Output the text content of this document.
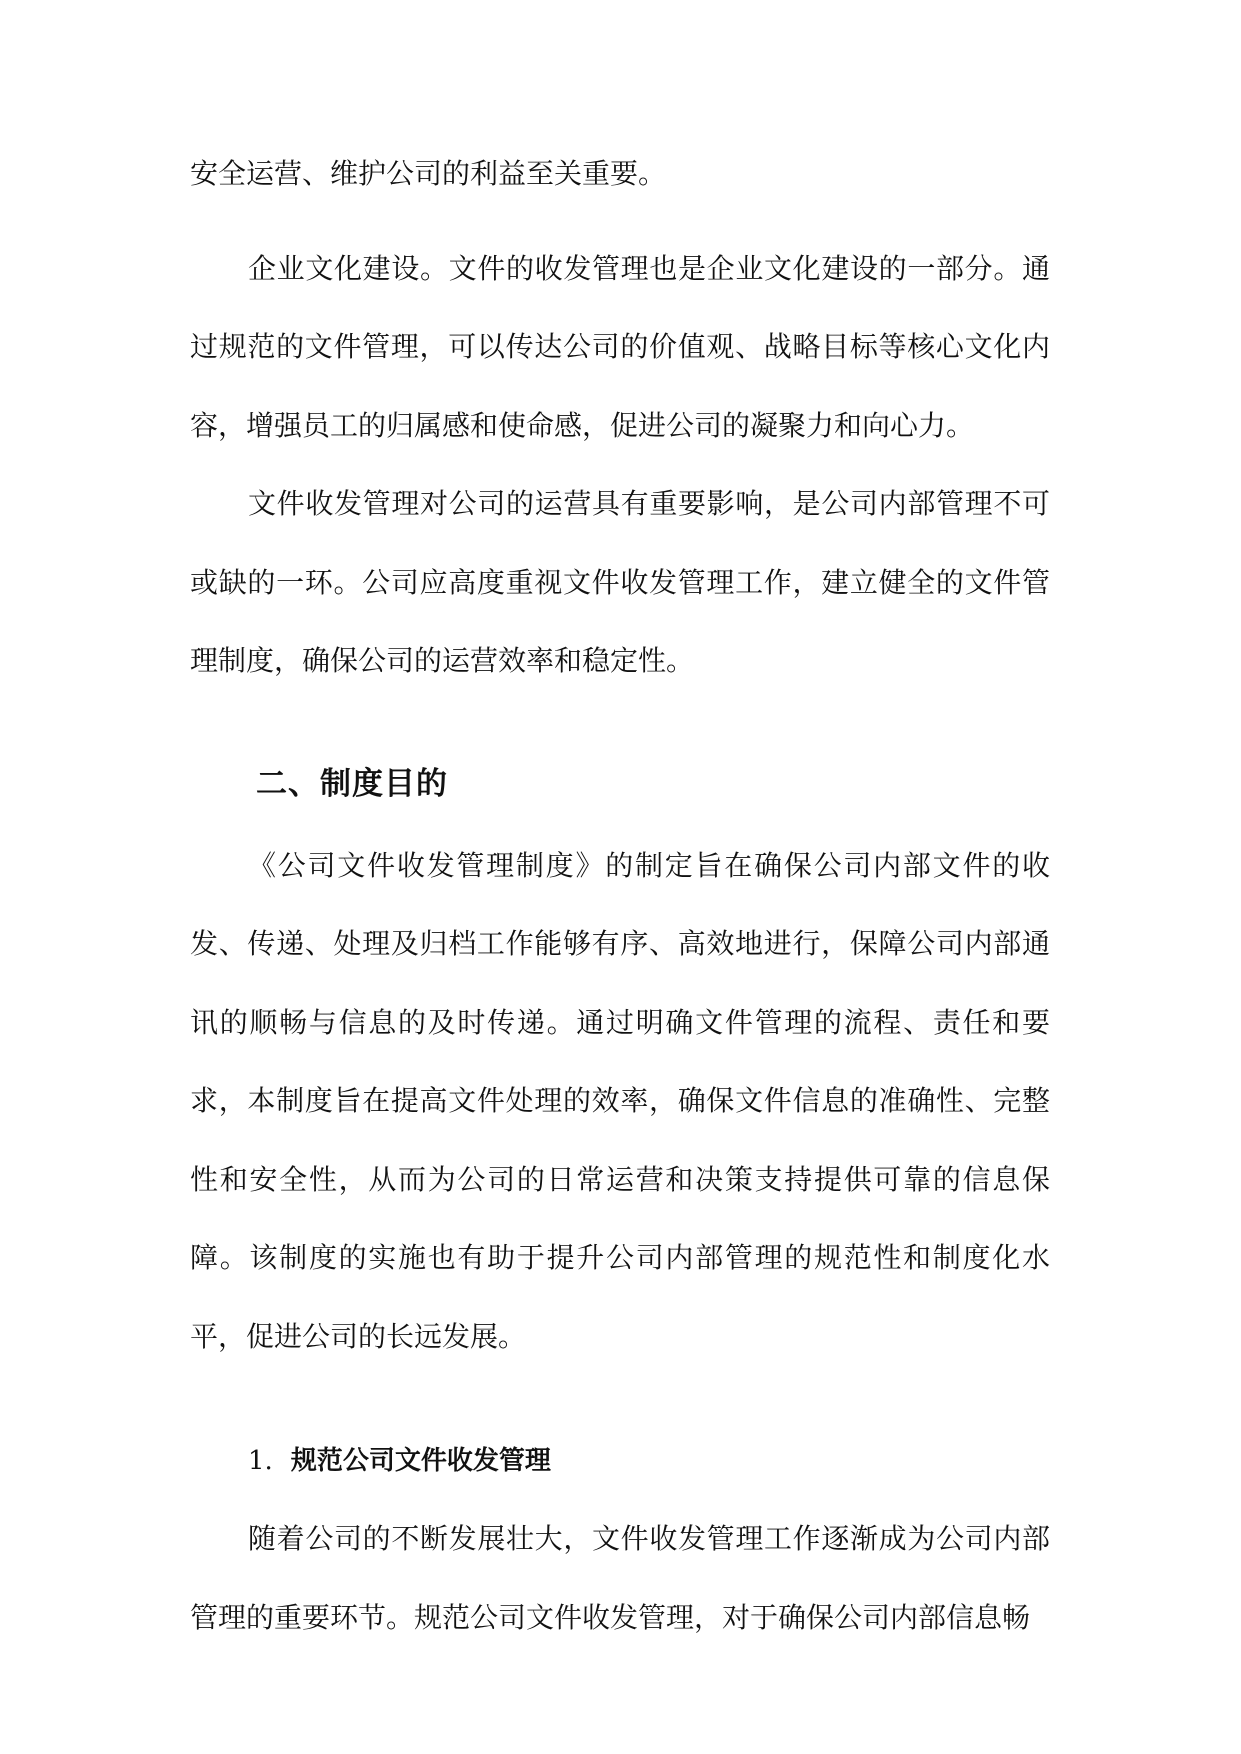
安全运营、维护公司的利益至关重要。

企业文化建设。文件的收发管理也是企业文化建设的一部分。通过规范的文件管理，可以传达公司的价值观、战略目标等核心文化内容，增强员工的归属感和使命感，促进公司的凝聚力和向心力。

文件收发管理对公司的运营具有重要影响，是公司内部管理不可或缺的一环。公司应高度重视文件收发管理工作，建立健全的文件管理制度，确保公司的运营效率和稳定性。

二、制度目的

《公司文件收发管理制度》的制定旨在确保公司内部文件的收发、传递、处理及归档工作能够有序、高效地进行，保障公司内部通讯的顺畅与信息的及时传递。通过明确文件管理的流程、责任和要求，本制度旨在提高文件处理的效率，确保文件信息的准确性、完整性和安全性，从而为公司的日常运营和决策支持提供可靠的信息保障。该制度的实施也有助于提升公司内部管理的规范性和制度化水平，促进公司的长远发展。

1. 规范公司文件收发管理

随着公司的不断发展壮大，文件收发管理工作逐渐成为公司内部管理的重要环节。规范公司文件收发管理，对于确保公司内部信息畅
